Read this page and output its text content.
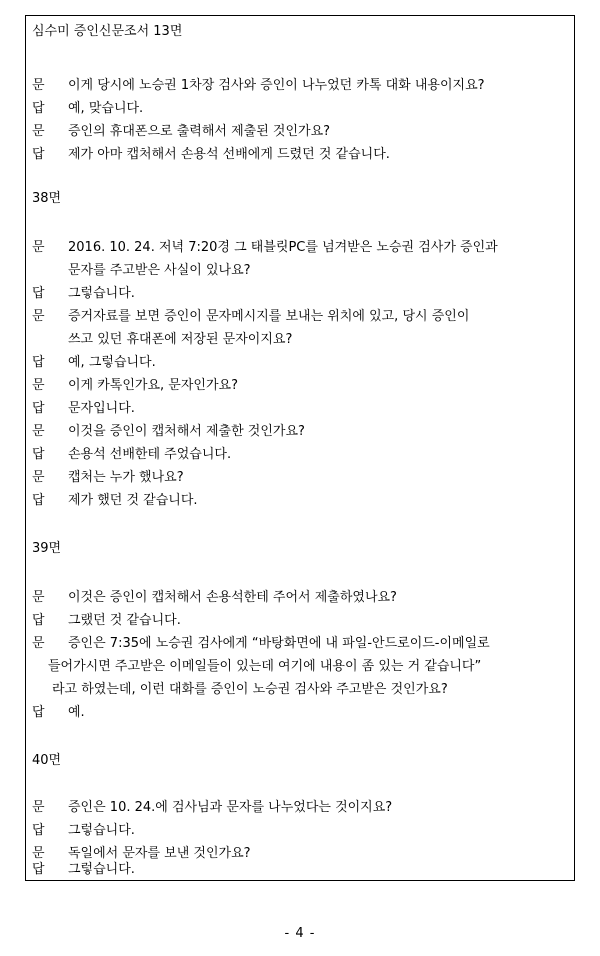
심수미 증인신문조서 13면
문	이게 당시에 노승권 1차장 검사와 증인이 나누었던 카톡 대화 내용이지요?
답	예, 맞습니다.
문	증인의 휴대폰으로 출력해서 제출된 것인가요?
답	제가 아마 캡처해서 손용석 선배에게 드렸던 것 같습니다.
38면
문	2016. 10. 24. 저녁 7:20경 그 태블릿PC를 넘겨받은 노승권 검사가 증인과
문자를 주고받은 사실이 있나요?
답	그렇습니다.
문	증거자료를 보면 증인이 문자메시지를 보내는 위치에 있고, 당시 증인이
쓰고 있던 휴대폰에 저장된 문자이지요?
답	예, 그렇습니다.
문	이게 카톡인가요, 문자인가요?
답	문자입니다.
문	이것을 증인이 캡처해서 제출한 것인가요?
답	손용석 선배한테 주었습니다.
문	캡처는 누가 했나요?
답	제가 했던 것 같습니다.
39면
문	이것은 증인이 캡처해서 손용석한테 주어서 제출하였나요?
답	그랬던 것 같습니다.
문	증인은 7:35에 노승권 검사에게 “바탕화면에 내 파일-안드로이드-이메일로
들어가시면 주고받은 이메일들이 있는데 여기에 내용이 좀 있는 거 같습니다”
라고 하였는데, 이런 대화를 증인이 노승권 검사와 주고받은 것인가요?
답	예.
40면
문	증인은 10. 24.에 검사님과 문자를 나누었다는 것이지요?
답	그렇습니다.
문	독일에서 문자를 보낸 것인가요?
답	그렇습니다.
- 4 -
